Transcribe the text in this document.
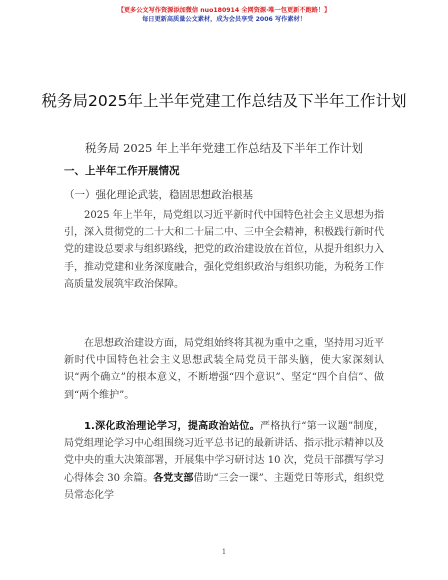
【更多公文写作资源添加微信 nuo180914 全网资源·唯一包更新不跑路！】
每日更新高质量公文素材，成为会员享受 2006 写作素材！
税务局2025年上半年党建工作总结及下半年工作计划
税务局 2025 年上半年党建工作总结及下半年工作计划
一、上半年工作开展情况
（一）强化理论武装，稳固思想政治根基

2025 年上半年，局党组以习近平新时代中国特色社会主义思想为指引，深入贯彻党的二十大和二十届二中、三中全会精神，积极践行新时代党的建设总要求与组织路线，把党的政治建设放在首位，从提升组织力入手，推动党建和业务深度融合，强化党组织政治与组织功能，为税务工作高质量发展筑牢政治保障。

在思想政治建设方面，局党组始终将其视为重中之重，坚持用习近平新时代中国特色社会主义思想武装全局党员干部头脑，使大家深刻认识“两个确立”的根本意义，不断增强“四个意识”、坚定“四个自信”、做到“两个维护”。

1.深化政治理论学习，提高政治站位。严格执行“第一议题”制度，局党组理论学习中心组围绕习近平总书记的最新讲话、指示批示精神以及党中央的重大决策部署，开展集中学习研讨达 10 次，党员干部撰写学习心得体会 30 余篇。各党支部借助“三会一课”、主题党日等形式，组织党员常态化学

1
